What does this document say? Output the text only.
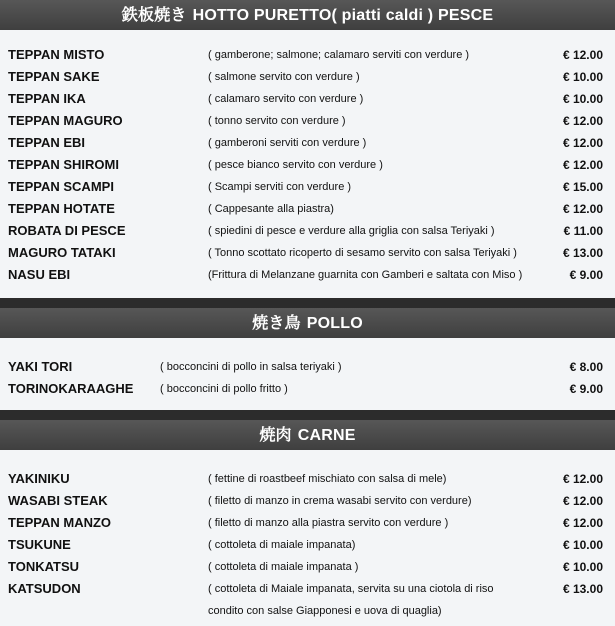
鉄板焼き HOTTO PURETTO( piatti caldi ) PESCE
TEPPAN MISTO	( gamberone; salmone; calamaro serviti con verdure )	€ 12.00
TEPPAN SAKE	( salmone servito con verdure )	€ 10.00
TEPPAN IKA	( calamaro servito con verdure )	€ 10.00
TEPPAN MAGURO	( tonno servito con verdure )	€ 12.00
TEPPAN EBI	( gamberoni serviti con verdure )	€ 12.00
TEPPAN SHIROMI	( pesce bianco servito con verdure )	€ 12.00
TEPPAN SCAMPI	( Scampi serviti con verdure )	€ 15.00
TEPPAN HOTATE	( Cappesante alla piastra)	€ 12.00
ROBATA DI PESCE	( spiedini di pesce e verdure alla griglia con salsa Teriyaki )	€ 11.00
MAGURO TATAKI	( Tonno scottato ricoperto di sesamo servito con salsa Teriyaki )	€ 13.00
NASU EBI	(Frittura di Melanzane guarnita con Gamberi e saltata con Miso )	€ 9.00
焼き鳥 POLLO
YAKI TORI	( bocconcini di pollo in salsa teriyaki )	€ 8.00
TORINOKARAAGHE ( bocconcini di pollo fritto )	€ 9.00
焼肉 CARNE
YAKINIKU	( fettine di roastbeef mischiato con salsa di mele)	€ 12.00
WASABI STEAK	( filetto di manzo in crema wasabi servito con verdure)	€ 12.00
TEPPAN MANZO	( filetto di manzo alla piastra servito con verdure )	€ 12.00
TSUKUNE	( cottoleta di maiale impanata)	€ 10.00
TONKATSU	( cottoleta di maiale impanata )	€ 10.00
KATSUDON	( cottoleta di Maiale impanata, servita su una ciotola di riso	€ 13.00
condito con salse Giapponesi e uova di quaglia)
